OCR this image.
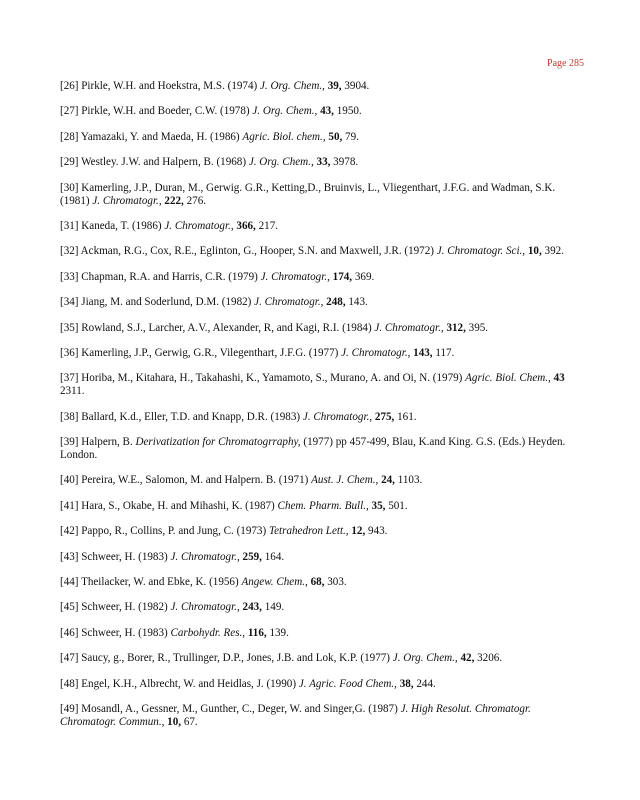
Page 285

[26] Pirkle, W.H. and Hoekstra, M.S. (1974) J. Org. Chem., 39, 3904.

[27] Pirkle, W.H. and Boeder, C.W. (1978) J. Org. Chem., 43, 1950.

[28] Yamazaki, Y. and Maeda, H. (1986) Agric. Biol. chem., 50, 79.

[29] Westley. J.W. and Halpern, B. (1968) J. Org. Chem., 33, 3978.

[30] Kamerling, J.P., Duran, M., Gerwig. G.R., Ketting,D., Bruinvis, L., Vliegenthart, J.F.G. and Wadman, S.K. (1981) J. Chromatogr., 222, 276.

[31] Kaneda, T. (1986) J. Chromatogr., 366, 217.

[32] Ackman, R.G., Cox, R.E., Eglinton, G., Hooper, S.N. and Maxwell, J.R. (1972) J. Chromatogr. Sci., 10, 392.

[33] Chapman, R.A. and Harris, C.R. (1979) J. Chromatogr., 174, 369.

[34] Jiang, M. and Soderlund, D.M. (1982) J. Chromatogr., 248, 143.

[35] Rowland, S.J., Larcher, A.V., Alexander, R, and Kagi, R.I. (1984) J. Chromatogr., 312, 395.

[36] Kamerling, J.P., Gerwig, G.R., Vilegenthart, J.F.G. (1977) J. Chromatogr., 143, 117.

[37] Horiba, M., Kitahara, H., Takahashi, K., Yamamoto, S., Murano, A. and Oi, N. (1979) Agric. Biol. Chem., 43 2311.

[38] Ballard, K.d., Eller, T.D. and Knapp, D.R. (1983) J. Chromatogr., 275, 161.

[39] Halpern, B. Derivatization for Chromatogrraphy, (1977) pp 457-499, Blau, K.and King. G.S. (Eds.) Heyden. London.

[40] Pereira, W.E., Salomon, M. and Halpern. B. (1971) Aust. J. Chem., 24, 1103.

[41] Hara, S., Okabe, H. and Mihashi, K. (1987) Chem. Pharm. Bull., 35, 501.

[42] Pappo, R., Collins, P. and Jung, C. (1973) Tetrahedron Lett., 12, 943.

[43] Schweer, H. (1983) J. Chromatogr., 259, 164.

[44] Theilacker, W. and Ebke, K. (1956) Angew. Chem., 68, 303.

[45] Schweer, H. (1982) J. Chromatogr., 243, 149.

[46] Schweer, H. (1983) Carbohydr. Res., 116, 139.

[47] Saucy, g., Borer, R., Trullinger, D.P., Jones, J.B. and Lok, K.P. (1977) J. Org. Chem., 42, 3206.

[48] Engel, K.H., Albrecht, W. and Heidlas, J. (1990) J. Agric. Food Chem., 38, 244.

[49] Mosandl, A., Gessner, M., Gunther, C., Deger, W. and Singer,G. (1987) J. High Resolut. Chromatogr. Chromatogr. Commun., 10, 67.
